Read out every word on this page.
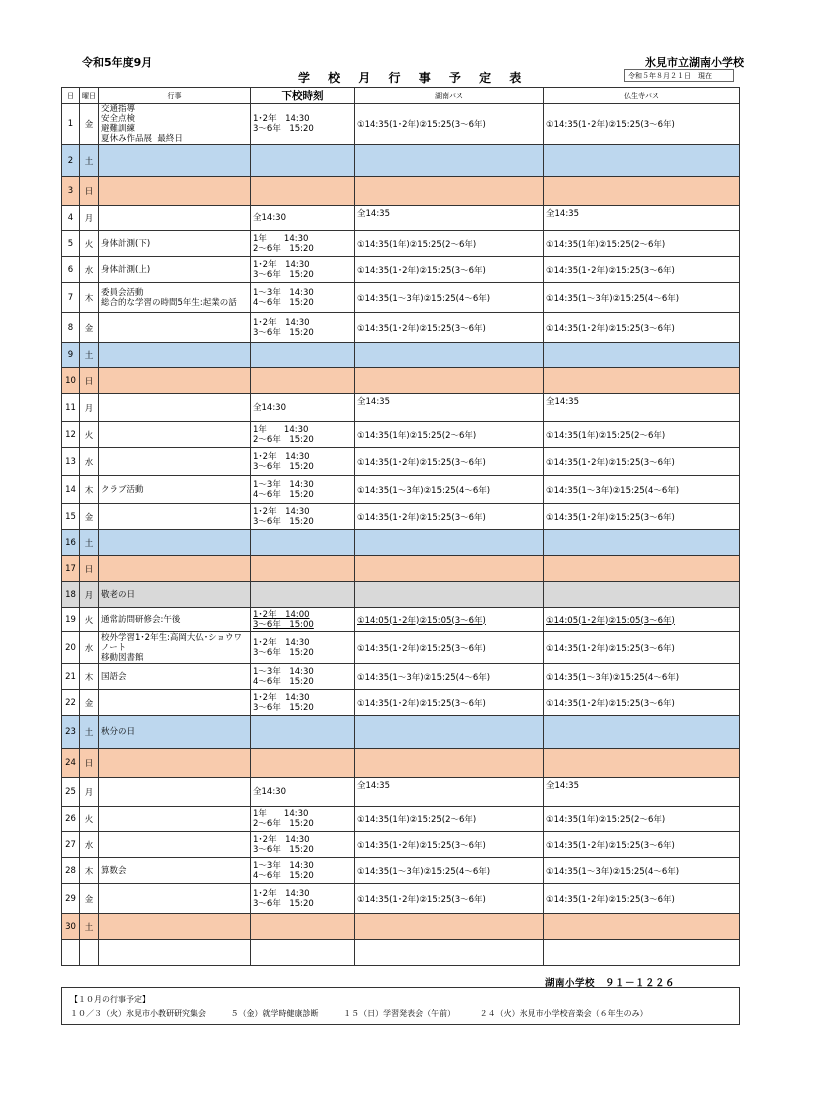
令和5年度9月	氷見市立湖南小学校
学 校 月 行 事 予 定 表	令和５年８月２１日　現在
日	曜日	行事	下校時刻	湖南バス	仏生寺バス
1	金	交通指導
安全点検
避難訓練
夏休み作品展  最終日	1･2年　14:30
3～6年　15:20	①14:35(1･2年)②15:25(3～6年)	①14:35(1･2年)②15:25(3～6年)
2	土				
3	日				
4	月		全14:30	全14:35	全14:35
5	火	身体計測(下)	1年　　14:30
2～6年　15:20	①14:35(1年)②15:25(2～6年)	①14:35(1年)②15:25(2～6年)
6	水	身体計測(上)	1･2年　14:30
3～6年　15:20	①14:35(1･2年)②15:25(3～6年)	①14:35(1･2年)②15:25(3～6年)
7	木	委員会活動
総合的な学習の時間5年生:起業の話	1～3年　14:30
4～6年　15:20	①14:35(1～3年)②15:25(4～6年)	①14:35(1～3年)②15:25(4～6年)
8	金		1･2年　14:30
3～6年　15:20	①14:35(1･2年)②15:25(3～6年)	①14:35(1･2年)②15:25(3～6年)
9	土				
10	日				
11	月		全14:30	全14:35	全14:35
12	火		1年　　14:30
2～6年　15:20	①14:35(1年)②15:25(2～6年)	①14:35(1年)②15:25(2～6年)
13	水		1･2年　14:30
3～6年　15:20	①14:35(1･2年)②15:25(3～6年)	①14:35(1･2年)②15:25(3～6年)
14	木	クラブ活動	1～3年　14:30
4～6年　15:20	①14:35(1～3年)②15:25(4～6年)	①14:35(1～3年)②15:25(4～6年)
15	金		1･2年　14:30
3～6年　15:20	①14:35(1･2年)②15:25(3～6年)	①14:35(1･2年)②15:25(3～6年)
16	土				
17	日				
18	月	敬老の日			
19	火	通常訪問研修会:午後	1･2年　14:00
3～6年　15:00	①14:05(1･2年)②15:05(3～6年)	①14:05(1･2年)②15:05(3～6年)
20	水	校外学習1･2年生:高岡大仏･ショウワ
ノート
移動図書館	1･2年　14:30
3～6年　15:20	①14:35(1･2年)②15:25(3～6年)	①14:35(1･2年)②15:25(3～6年)
21	木	国語会	1～3年　14:30
4～6年　15:20	①14:35(1～3年)②15:25(4～6年)	①14:35(1～3年)②15:25(4～6年)
22	金		1･2年　14:30
3～6年　15:20	①14:35(1･2年)②15:25(3～6年)	①14:35(1･2年)②15:25(3～6年)
23	土	秋分の日			
24	日				
25	月		全14:30	全14:35	全14:35
26	火		1年　　14:30
2～6年　15:20	①14:35(1年)②15:25(2～6年)	①14:35(1年)②15:25(2～6年)
27	水		1･2年　14:30
3～6年　15:20	①14:35(1･2年)②15:25(3～6年)	①14:35(1･2年)②15:25(3～6年)
28	木	算数会	1～3年　14:30
4～6年　15:20	①14:35(1～3年)②15:25(4～6年)	①14:35(1～3年)②15:25(4～6年)
29	金		1･2年　14:30
3～6年　15:20	①14:35(1･2年)②15:25(3～6年)	①14:35(1･2年)②15:25(3～6年)
30	土				

湖南小学校　９１－１２２６
【１０月の行事予定】
１０／３（火）氷見市小教研研究集会	５（金）就学時健康診断	１５（日）学習発表会（午前）	２４（火）氷見市小学校音楽会（６年生のみ）
